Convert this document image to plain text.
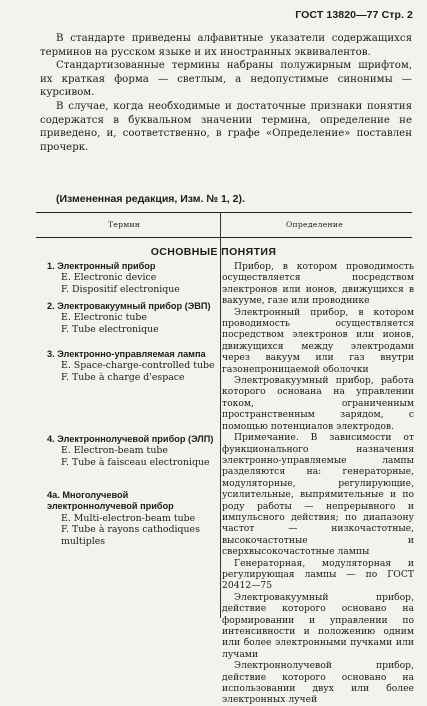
ГОСТ 13820—77 Стр. 2

В стандарте приведены алфавитные указатели содержащихся терминов на русском языке и их иностранных эквивалентов.

Стандартизованные термины набраны полужирным шрифтом, их краткая форма — светлым, а недопустимые синонимы — курсивом.

В случае, когда необходимые и достаточные признаки понятия содержатся в буквальном значении термина, определение не приведено, и, соответственно, в графе «Определение» поставлен прочерк.

(Измененная редакция, Изм. № 1, 2).
Термин	Определение
ОСНОВНЫЕ ПОНЯТИЯ
1. Электронный прибор
E. Electronic device
F. Dispositif electronique
2. Электровакуумный прибор (ЭВП)
E. Electronic tube
F. Tube electronique
3. Электронно-управляемая лампа
E. Space-charge-controlled tube
F. Tube à charge d'espace
4. Электроннолучевой прибор (ЭЛП)
E. Electron-beam tube
F. Tube à faisceau electronique
4а. Многолучевой электроннолучевой прибор
E. Multi-electron-beam tube
F. Tube à rayons cathodiques multiples

Прибор, в котором проводимость осуществляется посредством электронов или ионов, движущихся в вакууме, газе или проводнике

Электронный прибор, в котором проводимость осуществляется посредством электронов или ионов, движущихся между электродами через вакуум или газ внутри газонепроницаемой оболочки

Электровакуумный прибор, работа которого основана на управлении током, ограниченным пространственным зарядом, с помощью потенциалов электродов.

Примечание. В зависимости от функционального назначения электронно-управляемые лампы разделяются на: генераторные, модуляторные, регулирующие, усилительные, выпрямительные и по роду работы — непрерывного и импульсного действия; по диапазону частот — низкочастотные, высокочастотные и сверхвысокочастотные лампы

Генераторная, модуляторная и регулирующая лампы — по ГОСТ 20412—75

Электровакуумный прибор, действие которого основано на формировании и управлении по интенсивности и положению одним или более электронными пучками или лучами

Электроннолучевой прибор, действие которого основано на использовании двух или более электронных лучей
